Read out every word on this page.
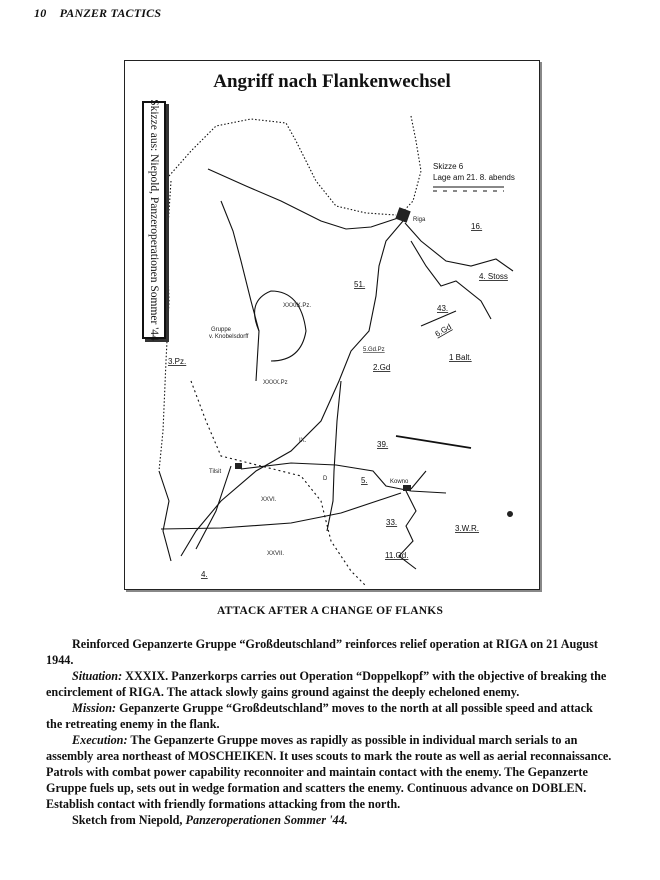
10 PANZER TACTICS
Skizze 6
Lage am 21. 8. abends
Riga
16.
51.
4. Stoss
43.
6.Gd
1 Balt.
5.Gd.Pz
2.Gd
3.Pz.
39.
Tilsit
5.	Kowno
33.
3.W.R.
11.Gd.
4.
XXVI.
XXVII.
Gruppe
v. Knobelsdorff
XXXIX.Pz.
XXXX.Pz
IX.
D
Angriff nach Flankenwechsel
Skizze aus: Niepold, Panzeroperationen Sommer '44
ATTACK AFTER A CHANGE OF FLANKS

Reinforced Gepanzerte Gruppe “Großdeutschland” reinforces relief operation at RIGA on 21 August 1944.

Situation: XXXIX. Panzerkorps carries out Operation “Doppelkopf” with the objective of breaking the encirclement of RIGA. The attack slowly gains ground against the deeply echeloned enemy.

Mission: Gepanzerte Gruppe “Großdeutschland” moves to the north at all possible speed and attack the retreating enemy in the flank.

Execution: The Gepanzerte Gruppe moves as rapidly as possible in individual march serials to an assembly area northeast of MOSCHEIKEN. It uses scouts to mark the route as well as aerial reconnaissance. Patrols with combat power capability reconnoiter and maintain contact with the enemy. The Gepanzerte Gruppe fuels up, sets out in wedge formation and scatters the enemy. Continuous advance on DOBLEN. Establish contact with friendly formations attacking from the north.

Sketch from Niepold, Panzeroperationen Sommer '44.
